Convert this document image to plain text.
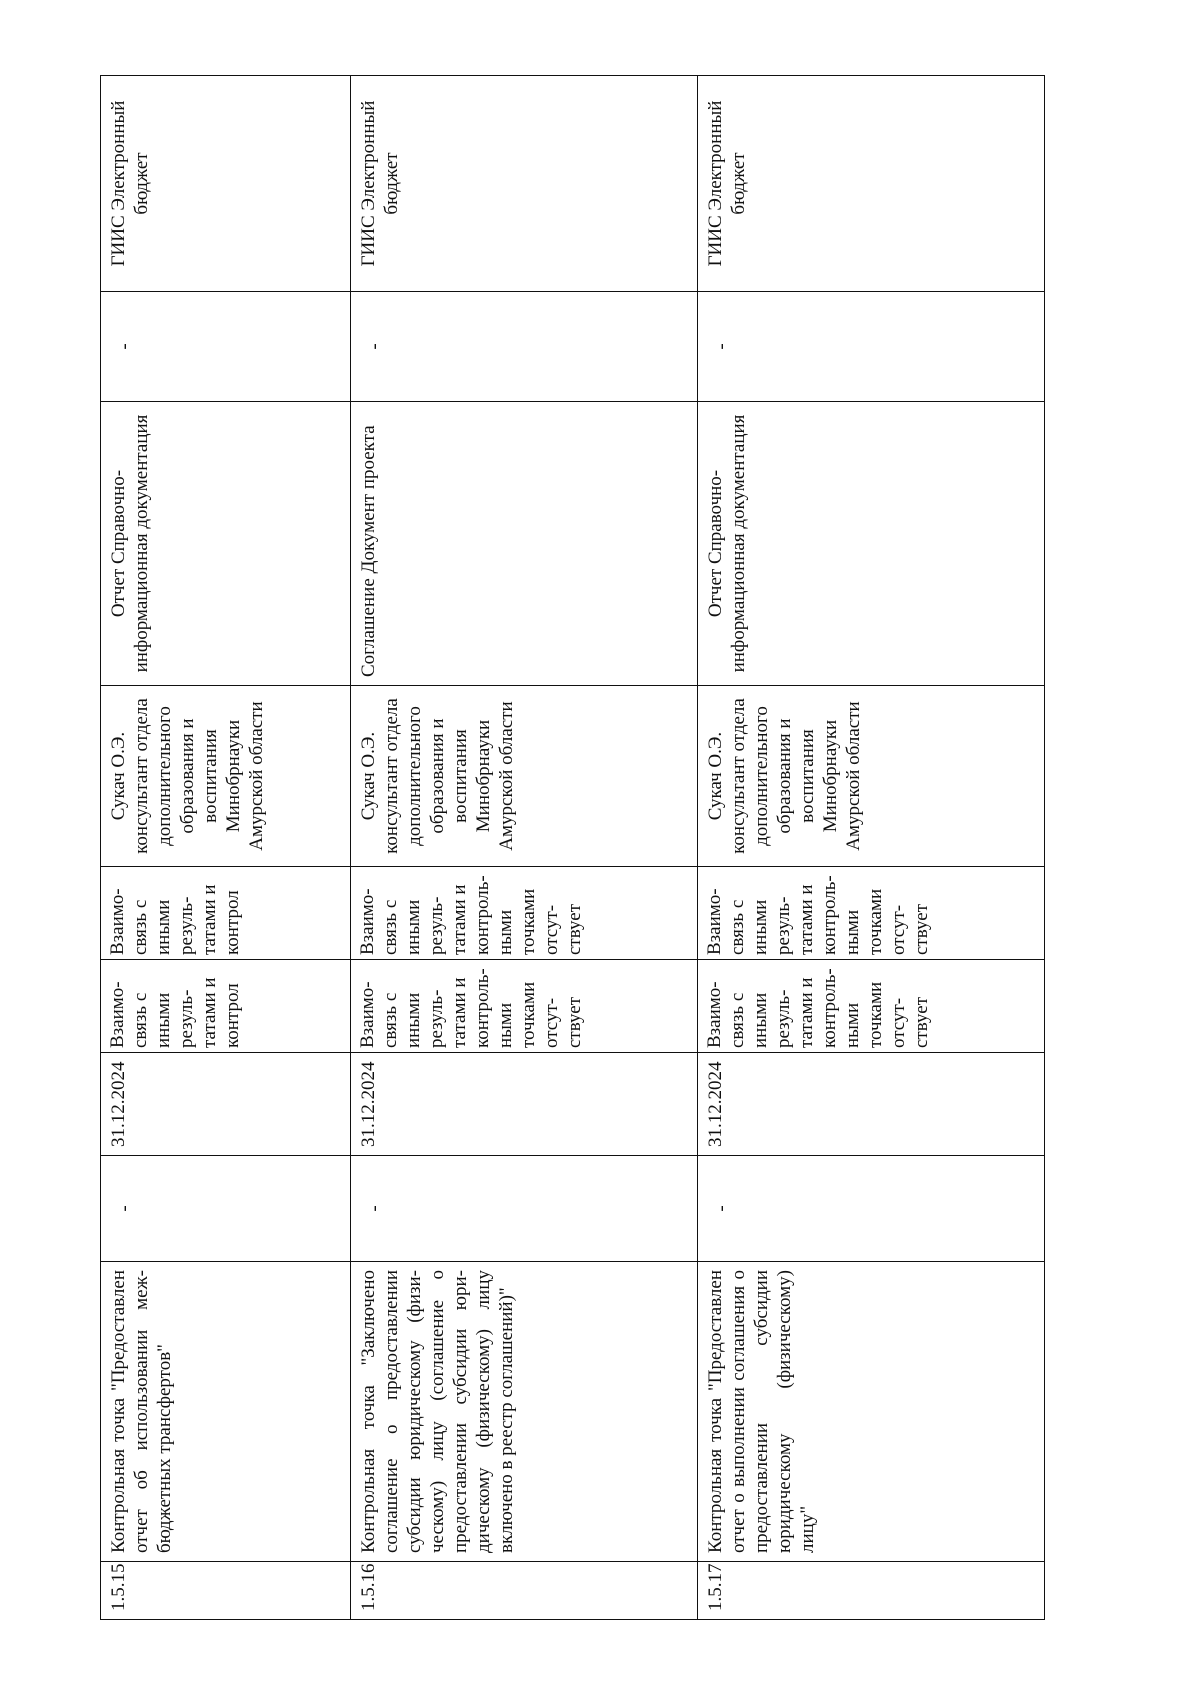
1.5.15	Контрольная точка "Предоставлен отчет об использовании межбюджетных трансфертов"	-	31.12.2024	Взаимосвязь с иными результатами и контрол	Взаимосвязь с иными результатами и контрол	Сукач О.Э. консультант отдела дополнительного образования и воспитания Минобрнауки Амурской области	Отчет Справочно-информационная документация	-	ГИИС Электронный бюджет
1.5.16	Контрольная точка "Заключено соглашение о предоставлении субсидии юридическому (физическому) лицу (соглашение о предоставлении субсидии юридическому (физическому) лицу включено в реестр соглашений)"	-	31.12.2024	Взаимосвязь с иными результатами и контрольными точками отсутствует	Взаимосвязь с иными результатами и контрольными точками отсутствует	Сукач О.Э. консультант отдела дополнительного образования и воспитания Минобрнауки Амурской области	Соглашение Документ проекта	-	ГИИС Электронный бюджет
1.5.17	Контрольная точка "Предоставлен отчет о выполнении соглашения о предоставлении субсидии юридическому (физическому) лицу"	-	31.12.2024	Взаимосвязь с иными результатами и контрольными точками отсутствует	Взаимосвязь с иными результатами и контрольными точками отсутствует	Сукач О.Э. консультант отдела дополнительного образования и воспитания Минобрнауки Амурской области	Отчет Справочно-информационная документация	-	ГИИС Электронный бюджет
